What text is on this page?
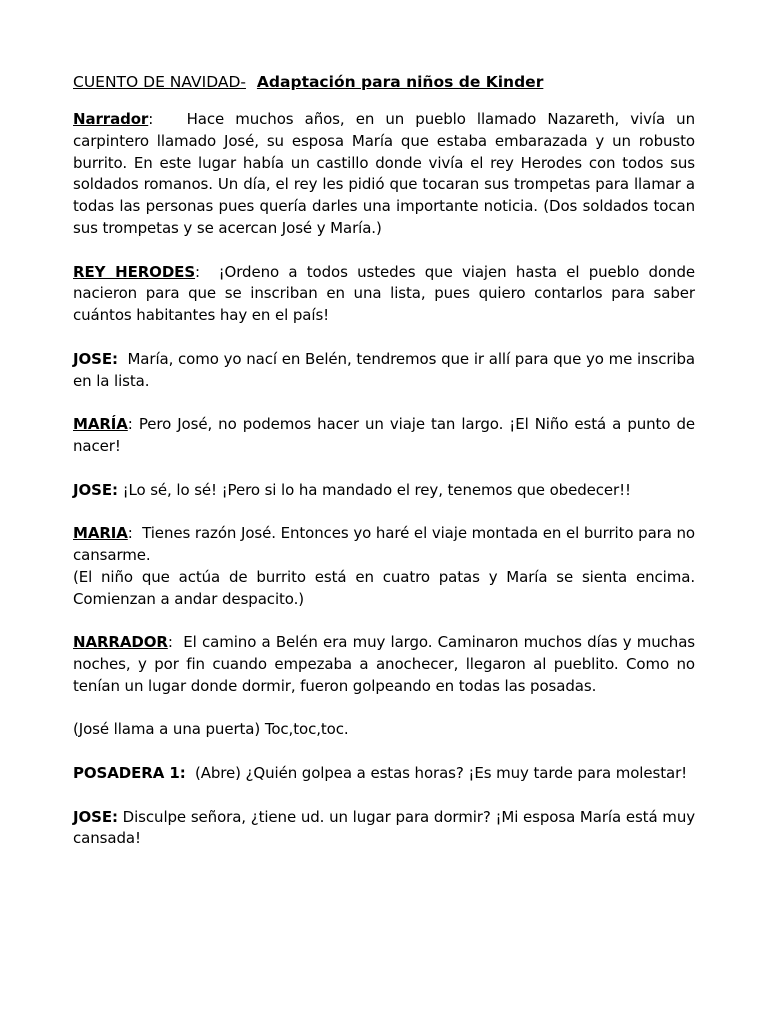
CUENTO DE NAVIDAD- Adaptación para niños de Kinder

Narrador:   Hace muchos años, en un pueblo llamado Nazareth, vivía un carpintero llamado José, su esposa María que estaba embarazada y un robusto burrito. En este lugar había un castillo donde vivía el rey Herodes con todos sus soldados romanos. Un día, el rey les pidió que tocaran sus trompetas para llamar a todas las personas pues quería darles una importante noticia. (Dos soldados tocan sus trompetas y se acercan José y María.)

REY HERODES:  ¡Ordeno a todos ustedes que viajen hasta el pueblo donde nacieron para que se inscriban en una lista, pues quiero contarlos para saber cuántos habitantes hay en el país!

JOSE: María, como yo nací en Belén, tendremos que ir allí para que yo me inscriba en la lista.

MARÍA: Pero José, no podemos hacer un viaje tan largo. ¡El Niño está a punto de nacer!

JOSE: ¡Lo sé, lo sé! ¡Pero si lo ha mandado el rey, tenemos que obedecer!!

MARIA:  Tienes razón José. Entonces yo haré el viaje montada en el burrito para no cansarme.
(El niño que actúa de burrito está en cuatro patas y María se sienta encima. Comienzan a andar despacito.)

NARRADOR:  El camino a Belén era muy largo. Caminaron muchos días y muchas noches, y por fin cuando empezaba a anochecer, llegaron al pueblito. Como no tenían un lugar donde dormir, fueron golpeando en todas las posadas.

(José llama a una puerta) Toc,toc,toc.

POSADERA 1: (Abre) ¿Quién golpea a estas horas? ¡Es muy tarde para molestar!

JOSE: Disculpe señora, ¿tiene ud. un lugar para dormir? ¡Mi esposa María está muy cansada!
